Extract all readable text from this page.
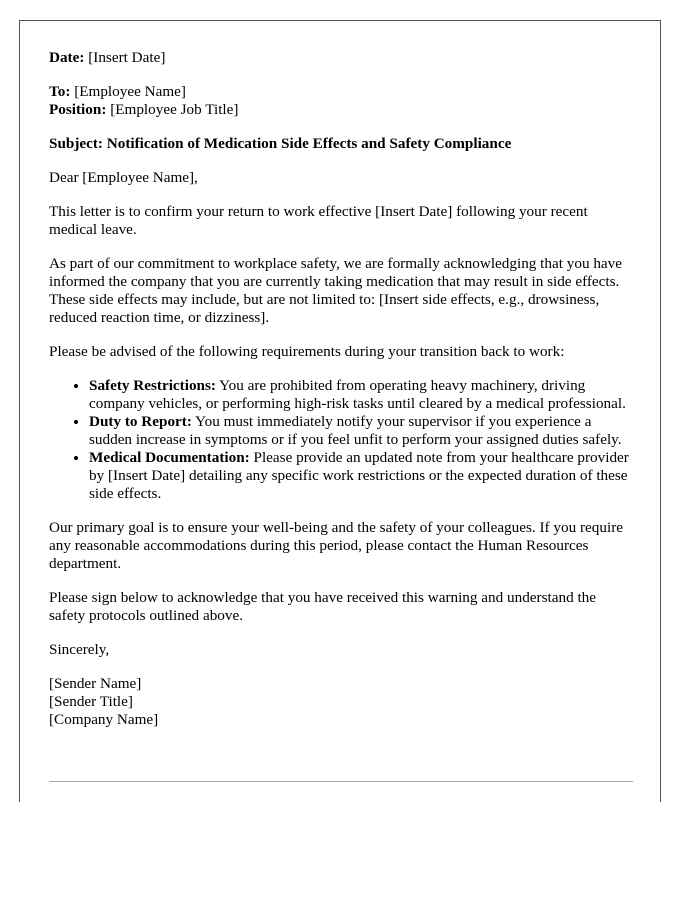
Date: [Insert Date]

To: [Employee Name]
Position: [Employee Job Title]

Subject: Notification of Medication Side Effects and Safety Compliance

Dear [Employee Name],

This letter is to confirm your return to work effective [Insert Date] following your recent medical leave.

As part of our commitment to workplace safety, we are formally acknowledging that you have informed the company that you are currently taking medication that may result in side effects. These side effects may include, but are not limited to: [Insert side effects, e.g., drowsiness, reduced reaction time, or dizziness].

Please be advised of the following requirements during your transition back to work:

• Safety Restrictions: You are prohibited from operating heavy machinery, driving company vehicles, or performing high-risk tasks until cleared by a medical professional.
• Duty to Report: You must immediately notify your supervisor if you experience a sudden increase in symptoms or if you feel unfit to perform your assigned duties safely.
• Medical Documentation: Please provide an updated note from your healthcare provider by [Insert Date] detailing any specific work restrictions or the expected duration of these side effects.

Our primary goal is to ensure your well-being and the safety of your colleagues. If you require any reasonable accommodations during this period, please contact the Human Resources department.

Please sign below to acknowledge that you have received this warning and understand the safety protocols outlined above.

Sincerely,

[Sender Name]
[Sender Title]
[Company Name]
